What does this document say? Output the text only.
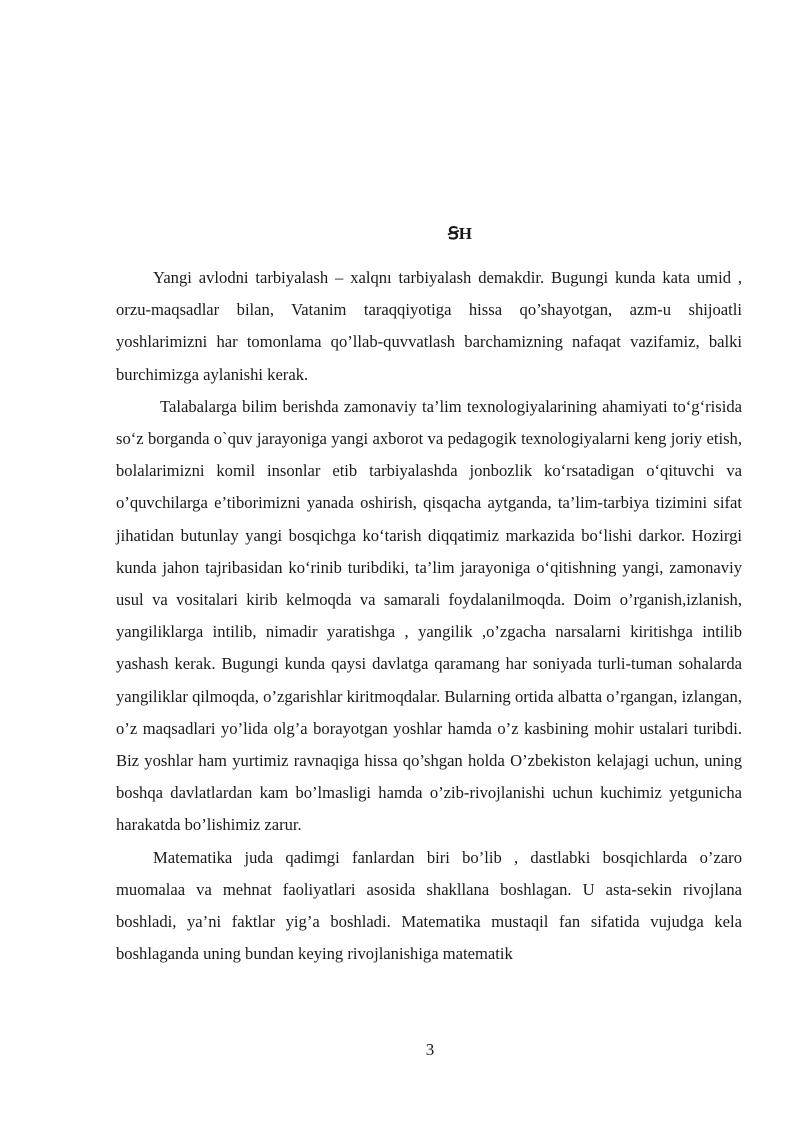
ꞨH

Yangi avlodni tarbiyalash – xalqnı tarbiyalash demakdir. Bugungi kunda kata umid , orzu-maqsadlar bilan, Vatanim taraqqiyotiga hissa qo’shayotgan, azm-u shijoatli yoshlarimizni har tomonlama qo’llab-quvvatlash barchamizning nafaqat vazifamiz, balki burchimizga aylanishi kerak.

Talabalarga bilim berishda zamonaviy ta’lim texnologiyalarining ahamiyati to‘g‘risida so‘z borganda o`quv jarayoniga yangi axborot va pedagogik texnologiyalarni keng joriy etish, bolalarimizni komil insonlar etib tarbiyalashda jonbozlik ko‘rsatadigan o‘qituvchi va o’quvchilarga e’tiborimizni yanada oshirish, qisqacha aytganda, ta’lim-tarbiya tizimini sifat jihatidan butunlay yangi bosqichga ko‘tarish diqqatimiz markazida bo‘lishi darkor. Hozirgi kunda jahon tajribasidan ko‘rinib turibdiki, ta’lim jarayoniga o‘qitishning yangi, zamonaviy usul va vositalari kirib kelmoqda va samarali foydalanilmoqda. Doim o’rganish,izlanish, yangiliklarga intilib, nimadir yaratishga , yangilik ,o’zgacha narsalarni kiritishga intilib yashash kerak. Bugungi kunda qaysi davlatga qaramang har soniyada turli-tuman sohalarda yangiliklar qilmoqda, o’zgarishlar kiritmoqdalar. Bularning ortida albatta o’rgangan, izlangan, o’z maqsadlari yo’lida olg’a borayotgan yoshlar hamda o’z kasbining mohir ustalari turibdi. Biz yoshlar ham yurtimiz ravnaqiga hissa qo’shgan holda O’zbekiston kelajagi uchun, uning boshqa davlatlardan kam bo’lmasligi hamda o’zib-rivojlanishi uchun kuchimiz yetgunicha harakatda bo’lishimiz zarur.

Matematika juda qadimgi fanlardan biri bo’lib , dastlabki bosqichlarda o’zaro muomalaa va mehnat faoliyatlari asosida shakllana boshlagan. U asta-sekin rivojlana boshladi, ya’ni faktlar yig’a boshladi. Matematika mustaqil fan sifatida vujudga kela boshlaganda uning bundan keying rivojlanishiga matematik

3
